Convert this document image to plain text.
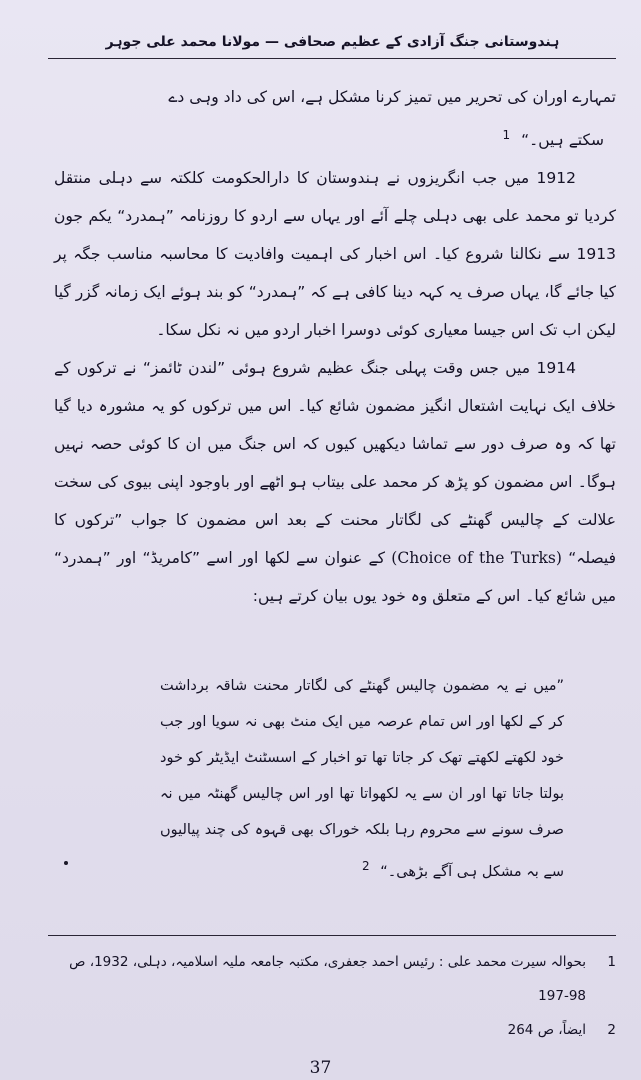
ہندوستانی جنگ آزادی کے عظیم صحافی — مولانا محمد علی جوہر

تمہارے اوران کی تحریر میں تمیز کرنا مشکل ہے، اس کی داد وہی دے
سکتے ہیں۔“ $^1$

1912 میں جب انگریزوں نے ہندوستان کا دارالحکومت کلکتہ سے دہلی منتقل کردیا تو محمد علی بھی دہلی چلے آئے اور یہاں سے اردو کا روزنامہ ”ہمدرد“ یکم جون 1913 سے نکالنا شروع کیا۔ اس اخبار کی اہمیت وافادیت کا محاسبہ مناسب جگہ پر کیا جائے گا، یہاں صرف یہ کہہ دینا کافی ہے کہ ”ہمدرد“ کو بند ہوئے ایک زمانہ گزر گیا لیکن اب تک اس جیسا معیاری کوئی دوسرا اخبار اردو میں نہ نکل سکا۔

1914 میں جس وقت پہلی جنگ عظیم شروع ہوئی ”لندن ٹائمز“ نے ترکوں کے خلاف ایک نہایت اشتعال انگیز مضمون شائع کیا۔ اس میں ترکوں کو یہ مشورہ دیا گیا تھا کہ وہ صرف دور سے تماشا دیکھیں کیوں کہ اس جنگ میں ان کا کوئی حصہ نہیں ہوگا۔ اس مضمون کو پڑھ کر محمد علی بیتاب ہو اٹھے اور باوجود اپنی بیوی کی سخت علالت کے چالیس گھنٹے کی لگاتار محنت کے بعد اس مضمون کا جواب ”ترکوں کا فیصلہ“ (Choice of the Turks) کے عنوان سے لکھا اور اسے ”کامریڈ“ اور ”ہمدرد“ میں شائع کیا۔ اس کے متعلق وہ خود یوں بیان کرتے ہیں:

”میں نے یہ مضمون چالیس گھنٹے کی لگاتار محنت شاقہ برداشت کر کے لکھا اور اس تمام عرصہ میں ایک منٹ بھی نہ سویا اور جب خود لکھتے لکھتے تھک کر جاتا تھا تو اخبار کے اسسٹنٹ ایڈیٹر کو خود بولتا جاتا تھا اور ان سے یہ لکھواتا تھا اور اس چالیس گھنٹہ میں نہ صرف سونے سے محروم رہا بلکہ خوراک بھی قہوہ کی چند پیالیوں سے بہ مشکل ہی آگے بڑھی۔“ $^2$

1
بحوالہ سیرت محمد علی : رئیس احمد جعفری، مکتبہ جامعہ ملیہ اسلامیہ، دہلی، 1932، ص 98-197
2
ایضاً، ص 264
37
